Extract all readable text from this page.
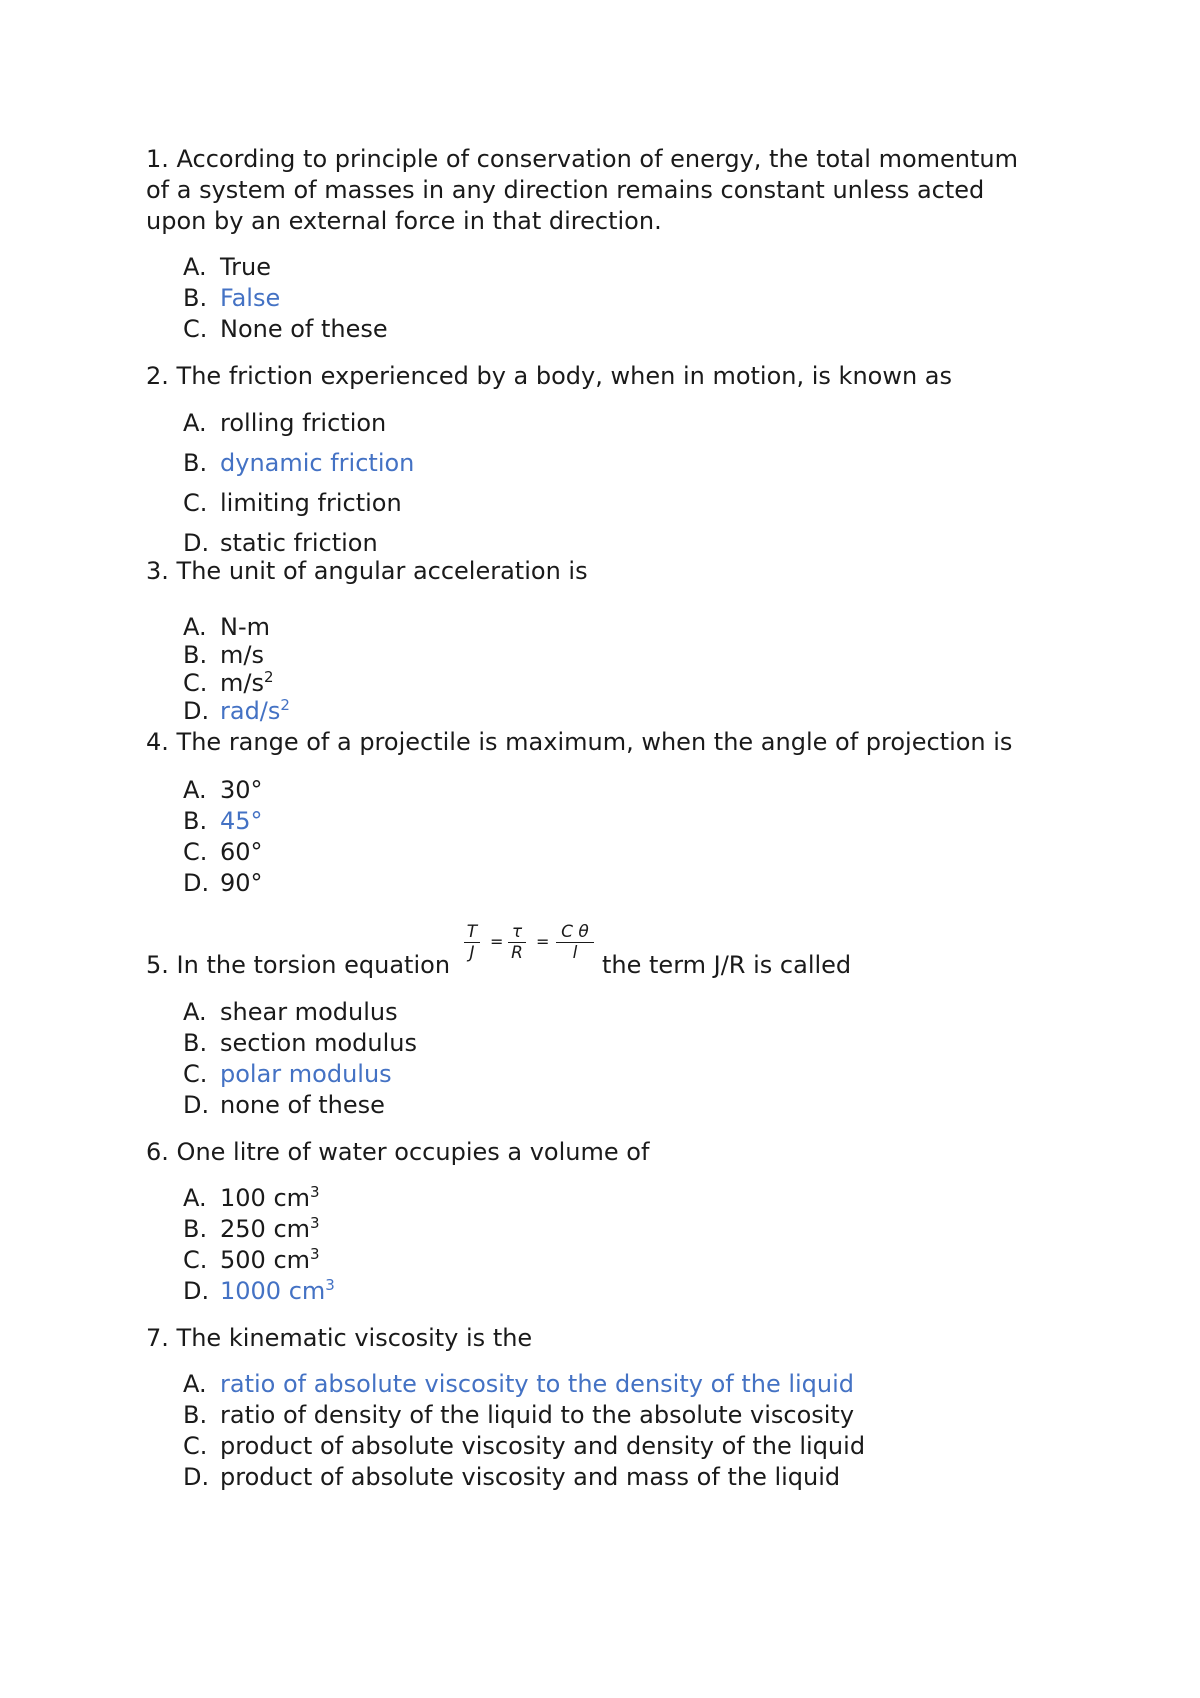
1. According to principle of conservation of energy, the total momentum
of a system of masses in any direction remains constant unless acted
upon by an external force in that direction.
A. True
B. False
C. None of these
2. The friction experienced by a body, when in motion, is known as
A. rolling friction
B. dynamic friction
C. limiting friction
D. static friction
3. The unit of angular acceleration is
A. N-m
B. m/s
C. $m/s^2$
D. rad/$s^2$
4. The range of a projectile is maximum, when the angle of projection is
A. 30°
B. 45°
C. 60°
D. 90°
5. In the torsion equation	the term J/R is called
T
J
= τ
R
= C θ
l
A. shear modulus
B. section modulus
C. polar modulus
D. none of these
6. One litre of water occupies a volume of
A. 100 $cm^3$
B. 250 $cm^3$
C. 500 $cm^3$
D. 1000 $cm^3$
7. The kinematic viscosity is the
A. ratio of absolute viscosity to the density of the liquid
B. ratio of density of the liquid to the absolute viscosity
C. product of absolute viscosity and density of the liquid
D. product of absolute viscosity and mass of the liquid
